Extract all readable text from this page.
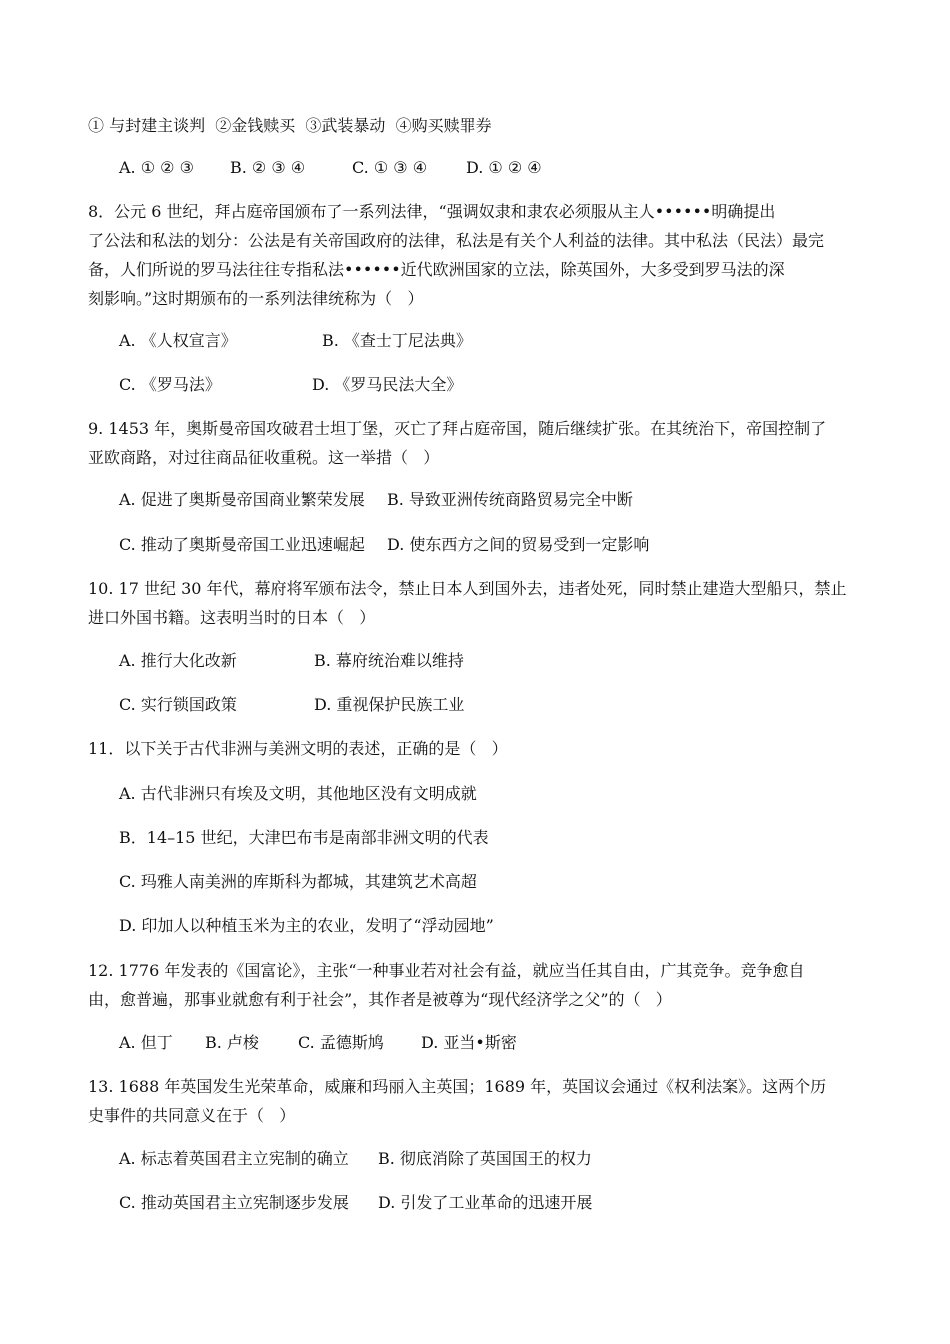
① 与封建主谈判  ②金钱赎买  ③武装暴动  ④购买赎罪券
A. ① ② ③ B. ② ③ ④	C. ① ③ ④ D. ① ② ④
8．公元 6 世纪，拜占庭帝国颁布了一系列法律，“强调奴隶和隶农必须服从主人••••••明确提出
了公法和私法的划分：公法是有关帝国政府的法律，私法是有关个人利益的法律。其中私法（民法）最完
备，人们所说的罗马法往往专指私法••••••近代欧洲国家的立法，除英国外，大多受到罗马法的深
刻影响。”这时期颁布的一系列法律统称为（   ）
A. 《人权宣言》	B. 《查士丁尼法典》
C. 《罗马法》	D. 《罗马民法大全》
9. 1453 年，奥斯曼帝国攻破君士坦丁堡，灭亡了拜占庭帝国，随后继续扩张。在其统治下，帝国控制了
亚欧商路，对过往商品征收重税。这一举措（   ）
A. 促进了奥斯曼帝国商业繁荣发展 B. 导致亚洲传统商路贸易完全中断
C. 推动了奥斯曼帝国工业迅速崛起 D. 使东西方之间的贸易受到一定影响
10. 17 世纪 30 年代，幕府将军颁布法令，禁止日本人到国外去，违者处死，同时禁止建造大型船只，禁止
进口外国书籍。这表明当时的日本（   ）
A. 推行大化改新	B. 幕府统治难以维持
C. 实行锁国政策	D. 重视保护民族工业
11．以下关于古代非洲与美洲文明的表述，正确的是（   ）
A. 古代非洲只有埃及文明，其他地区没有文明成就
B．14–15 世纪，大津巴布韦是南部非洲文明的代表
C. 玛雅人南美洲的库斯科为都城，其建筑艺术高超
D. 印加人以种植玉米为主的农业，发明了“浮动园地”
12. 1776 年发表的《国富论》，主张“一种事业若对社会有益，就应当任其自由，广其竞争。竞争愈自
由，愈普遍，那事业就愈有利于社会”，其作者是被尊为“现代经济学之父”的（   ）
A. 但丁 B. 卢梭 C. 孟德斯鸠 D. 亚当•斯密
13. 1688 年英国发生光荣革命，威廉和玛丽入主英国；1689 年，英国议会通过《权利法案》。这两个历
史事件的共同意义在于（   ）
A. 标志着英国君主立宪制的确立 B. 彻底消除了英国国王的权力
C. 推动英国君主立宪制逐步发展 D. 引发了工业革命的迅速开展
